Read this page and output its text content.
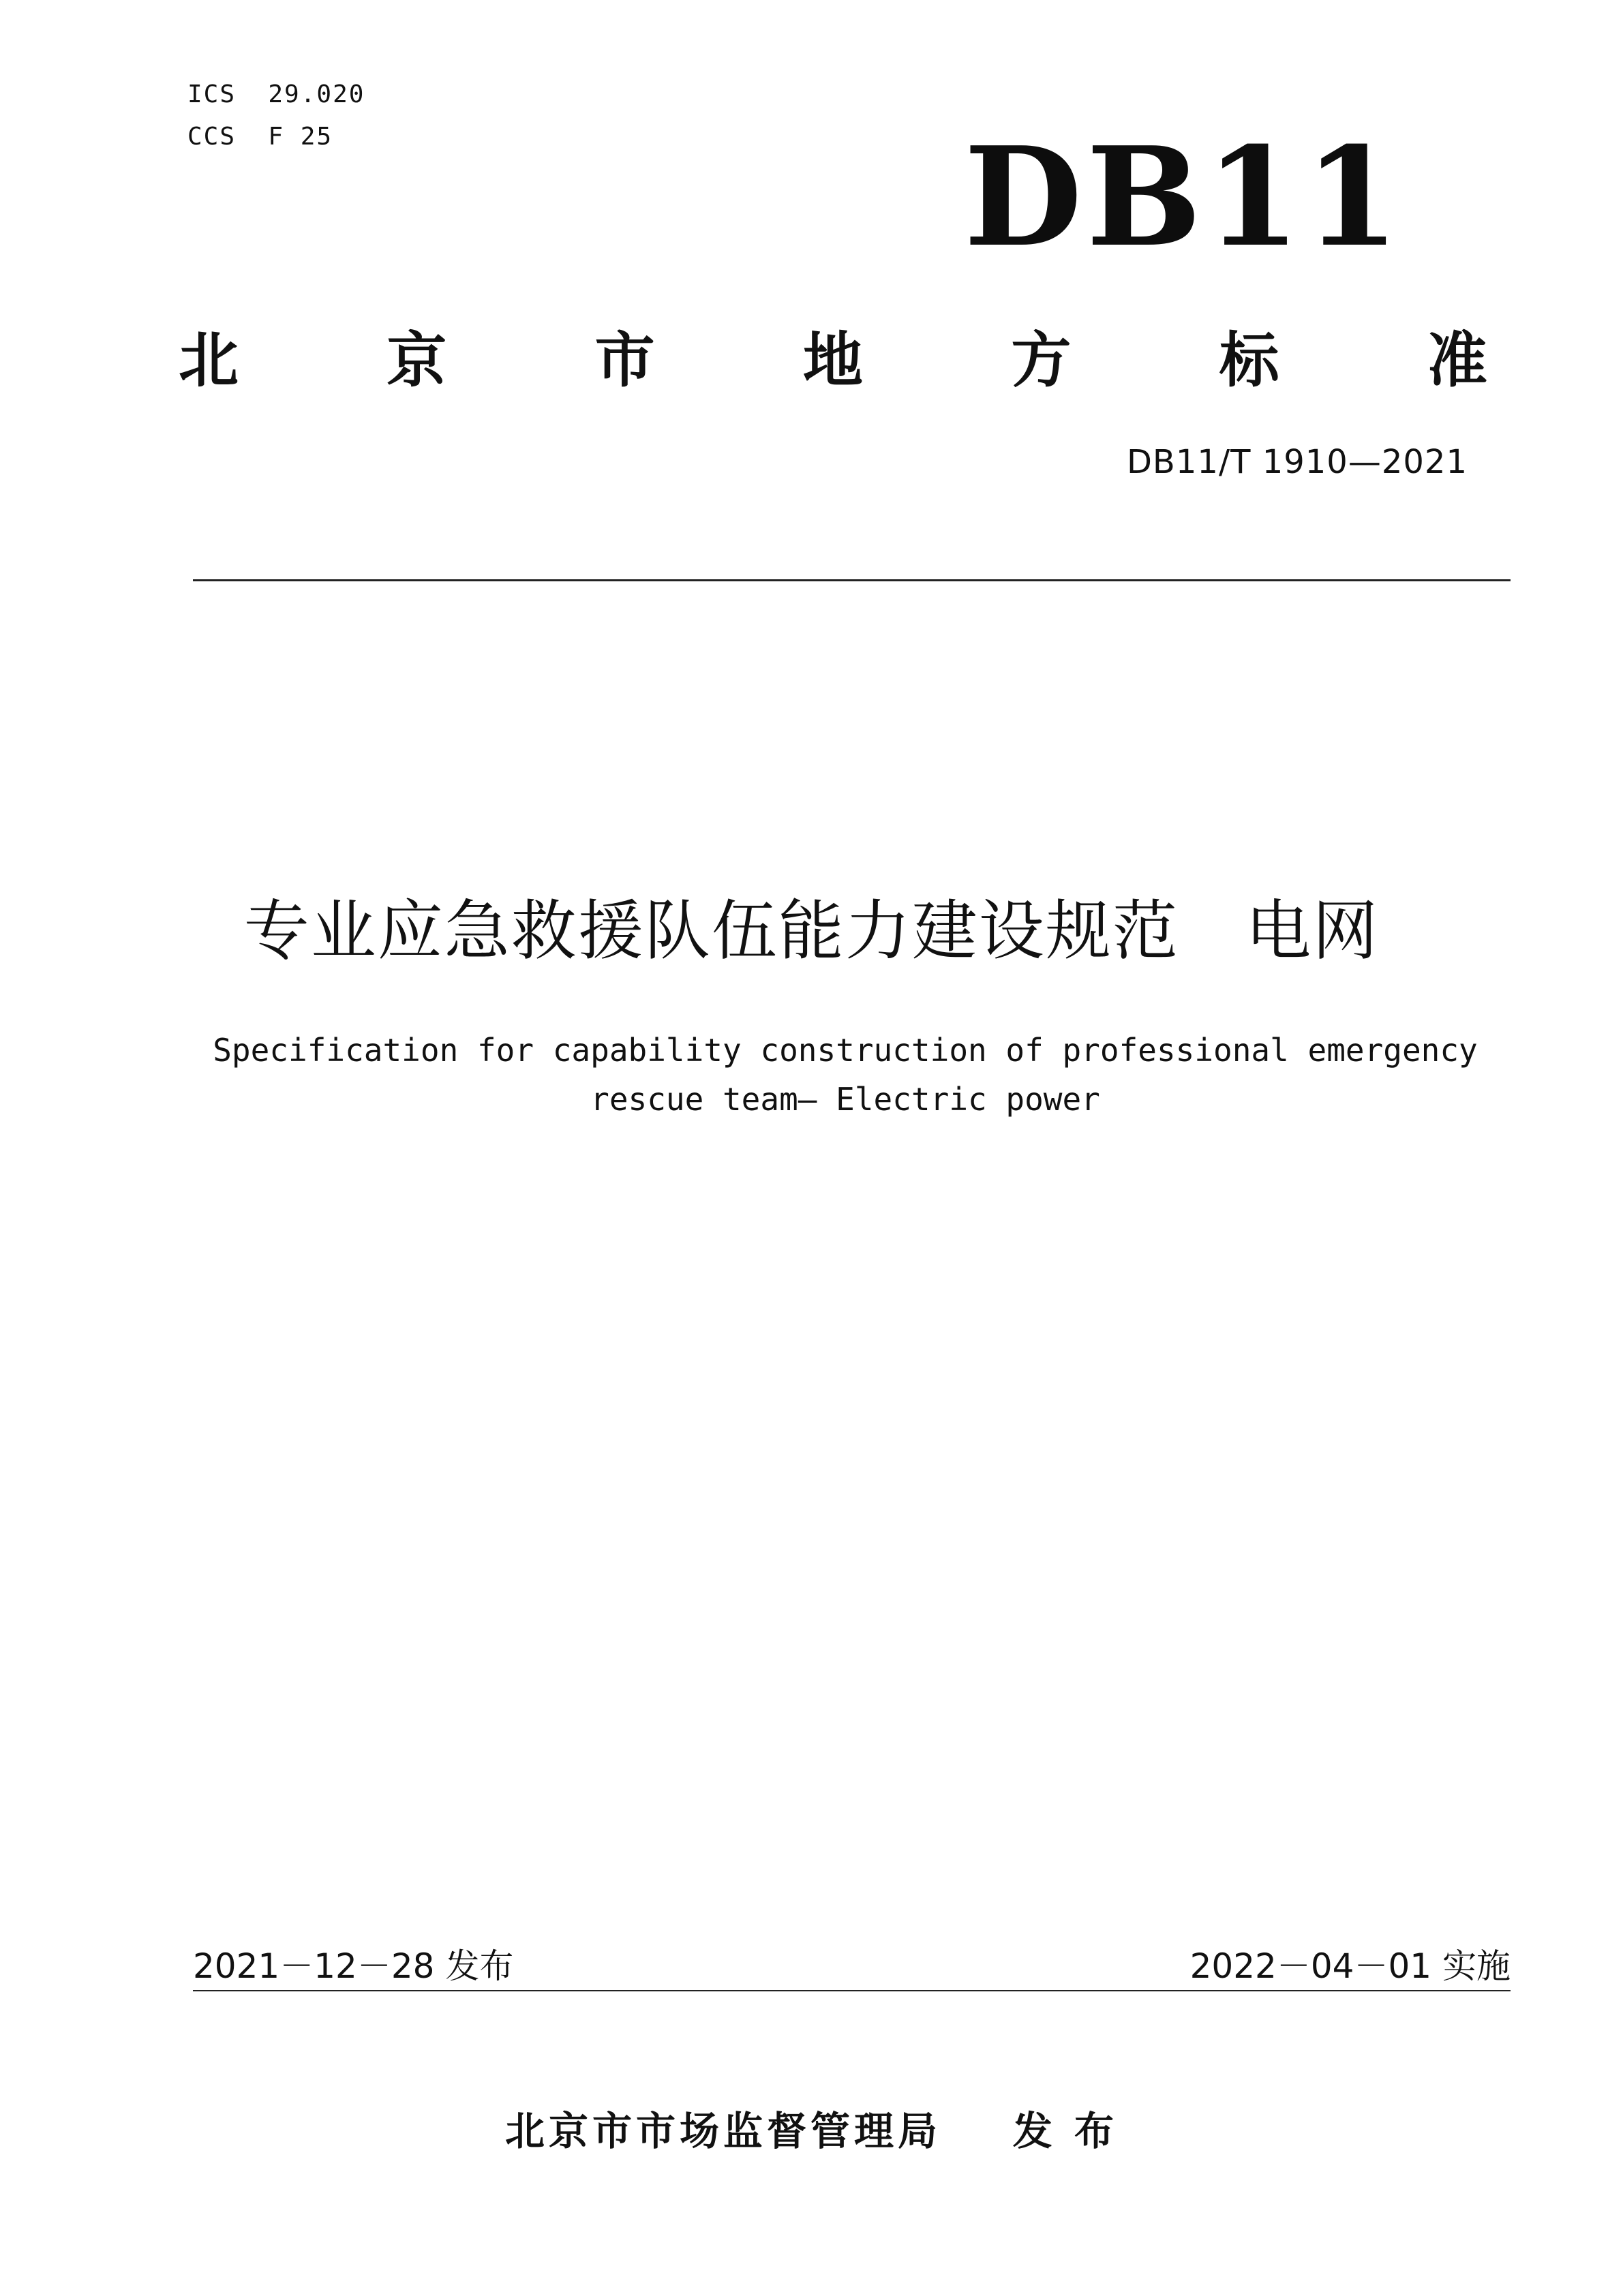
ICS  29.020
CCS  F 25	DB11
北 京 市 地 方 标 准
DB11/T 1910—2021
专业应急救援队伍能力建设规范   电网
Specification for capability construction of professional emergency
rescue team— Electric power
2021－12－28 发布	2022－04－01 实施
北京市市场监督管理局    发 布
